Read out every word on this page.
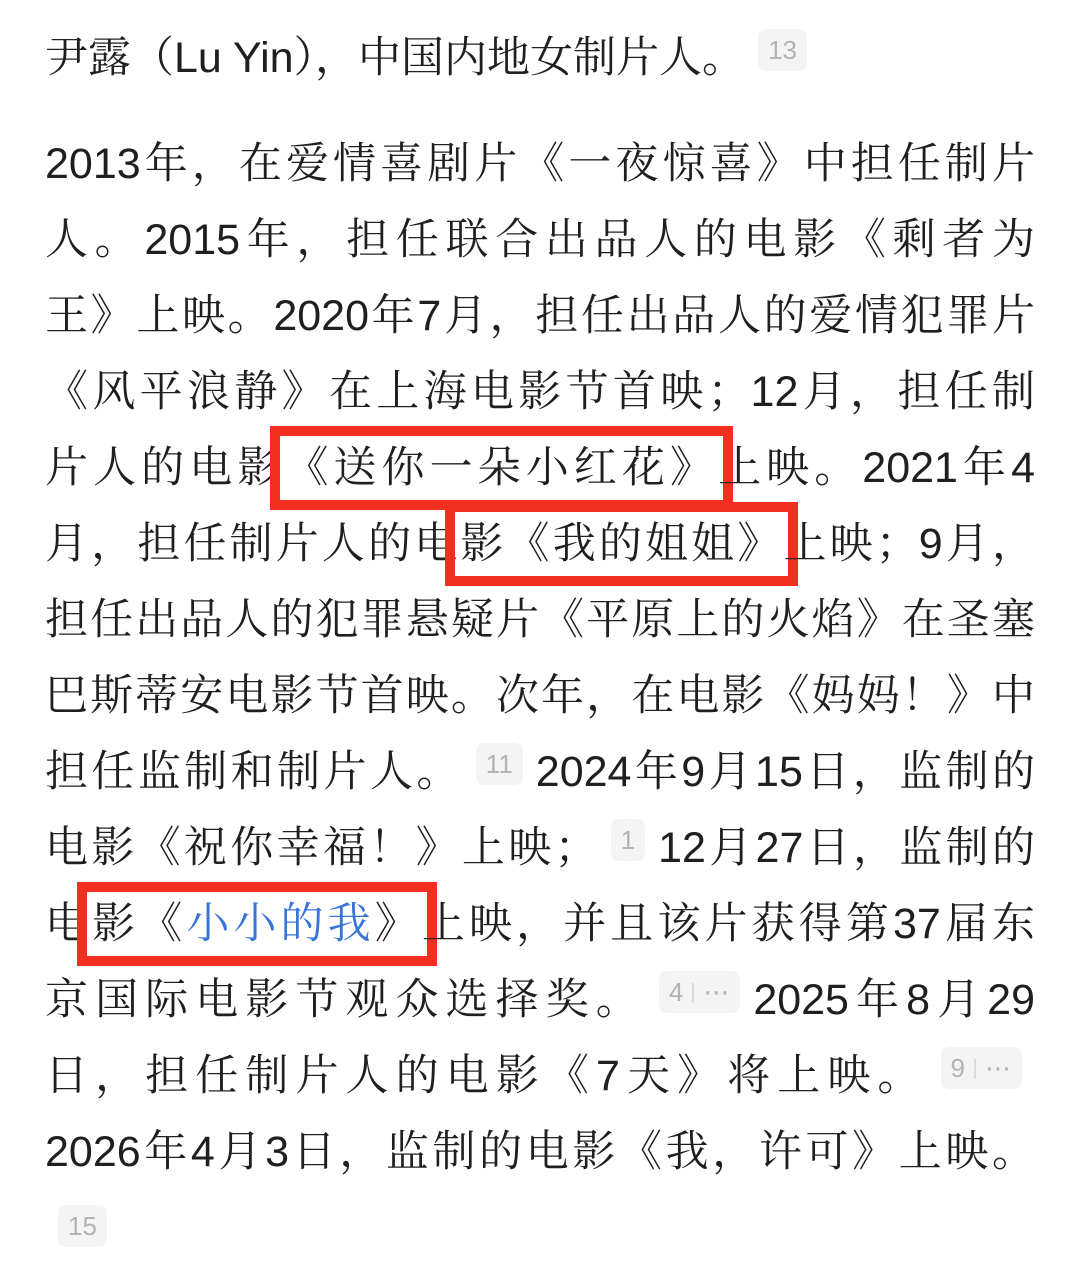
尹露（Lu Yin），中国内地女制片人。 13
2013年，在爱情喜剧片《一夜惊喜》中担任制片
人。2015年，担任联合出品人的电影《剩者为
王》上映。2020年7月，担任出品人的爱情犯罪片
《风平浪静》在上海电影节首映；12月，担任制
片人的电影《送你一朵小红花》上映。2021年4
月，担任制片人的电影《我的姐姐》上映；9月，
担任出品人的犯罪悬疑片《平原上的火焰》在圣塞
巴斯蒂安电影节首映。次年，在电影《妈妈！》中
担任监制和制片人。 11 2024年9月15日，监制的
电影《祝你幸福！》上映； 1 12月27日，监制的
电影《小小的我》上映，并且该片获得第37届东
京国际电影节观众选择奖。 4 ⋯ 2025年8月29
日，担任制片人的电影《7天》将上映。 9 ⋯
2026年4月3日，监制的电影《我，许可》上映。
15
